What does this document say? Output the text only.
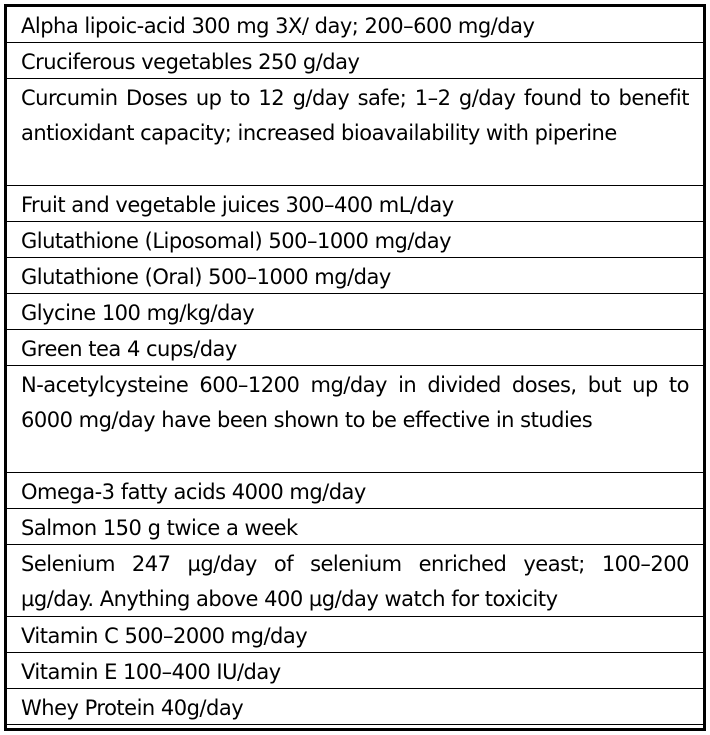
Alpha lipoic-acid 300 mg 3X/ day; 200–600 mg/day
Cruciferous vegetables 250 g/day
Curcumin Doses up to 12 g/day safe; 1–2 g/day found to benefit antioxidant capacity; increased bioavailability with piperine
Fruit and vegetable juices 300–400 mL/day
Glutathione (Liposomal) 500–1000 mg/day
Glutathione (Oral) 500–1000 mg/day
Glycine 100 mg/kg/day
Green tea 4 cups/day
N-acetylcysteine 600–1200 mg/day in divided doses, but up to 6000 mg/day have been shown to be effective in studies
Omega-3 fatty acids 4000 mg/day
Salmon 150 g twice a week
Selenium 247 µg/day of selenium enriched yeast; 100–200 µg/day. Anything above 400 µg/day watch for toxicity
Vitamin C 500–2000 mg/day
Vitamin E 100–400 IU/day
Whey Protein 40g/day
